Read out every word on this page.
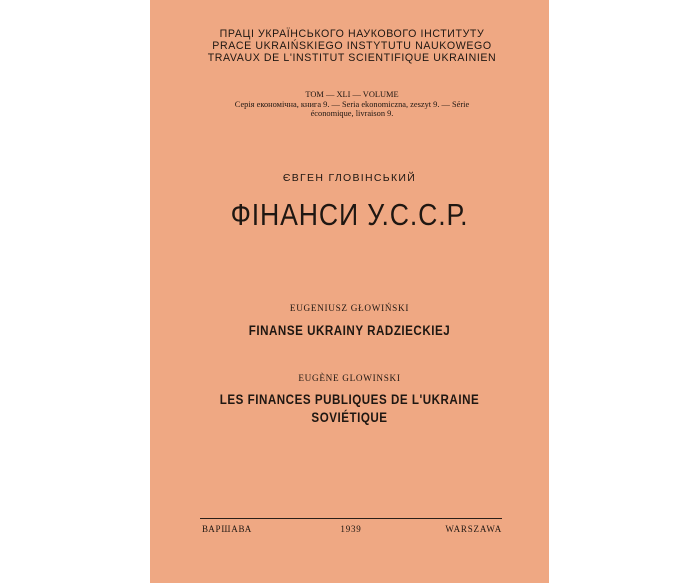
ПРАЦІ УКРАЇНСЬКОГО НАУКОВОГО ІНСТИТУТУ
PRACE UKRAIŃSKIEGO INSTYTUTU NAUKOWEGO
TRAVAUX DE L'INSTITUT SCIENTIFIQUE UKRAINIEN
ТОМ — XLI — VOLUME
Серія економічна, книга 9. — Seria ekonomiczna, zeszyt 9. — Série
économique, livraison 9.
ЄВГЕН ГЛОВІНСЬКИЙ
ФІНАНСИ У.С.С.Р.
EUGENIUSZ GŁOWIŃSKI
FINANSE UKRAINY RADZIECKIEJ
EUGÈNE GLOWINSKI
LES FINANCES PUBLIQUES DE L'UKRAINE
SOVIÉTIQUE
ВАРШАВА	1939	WARSZAWA
